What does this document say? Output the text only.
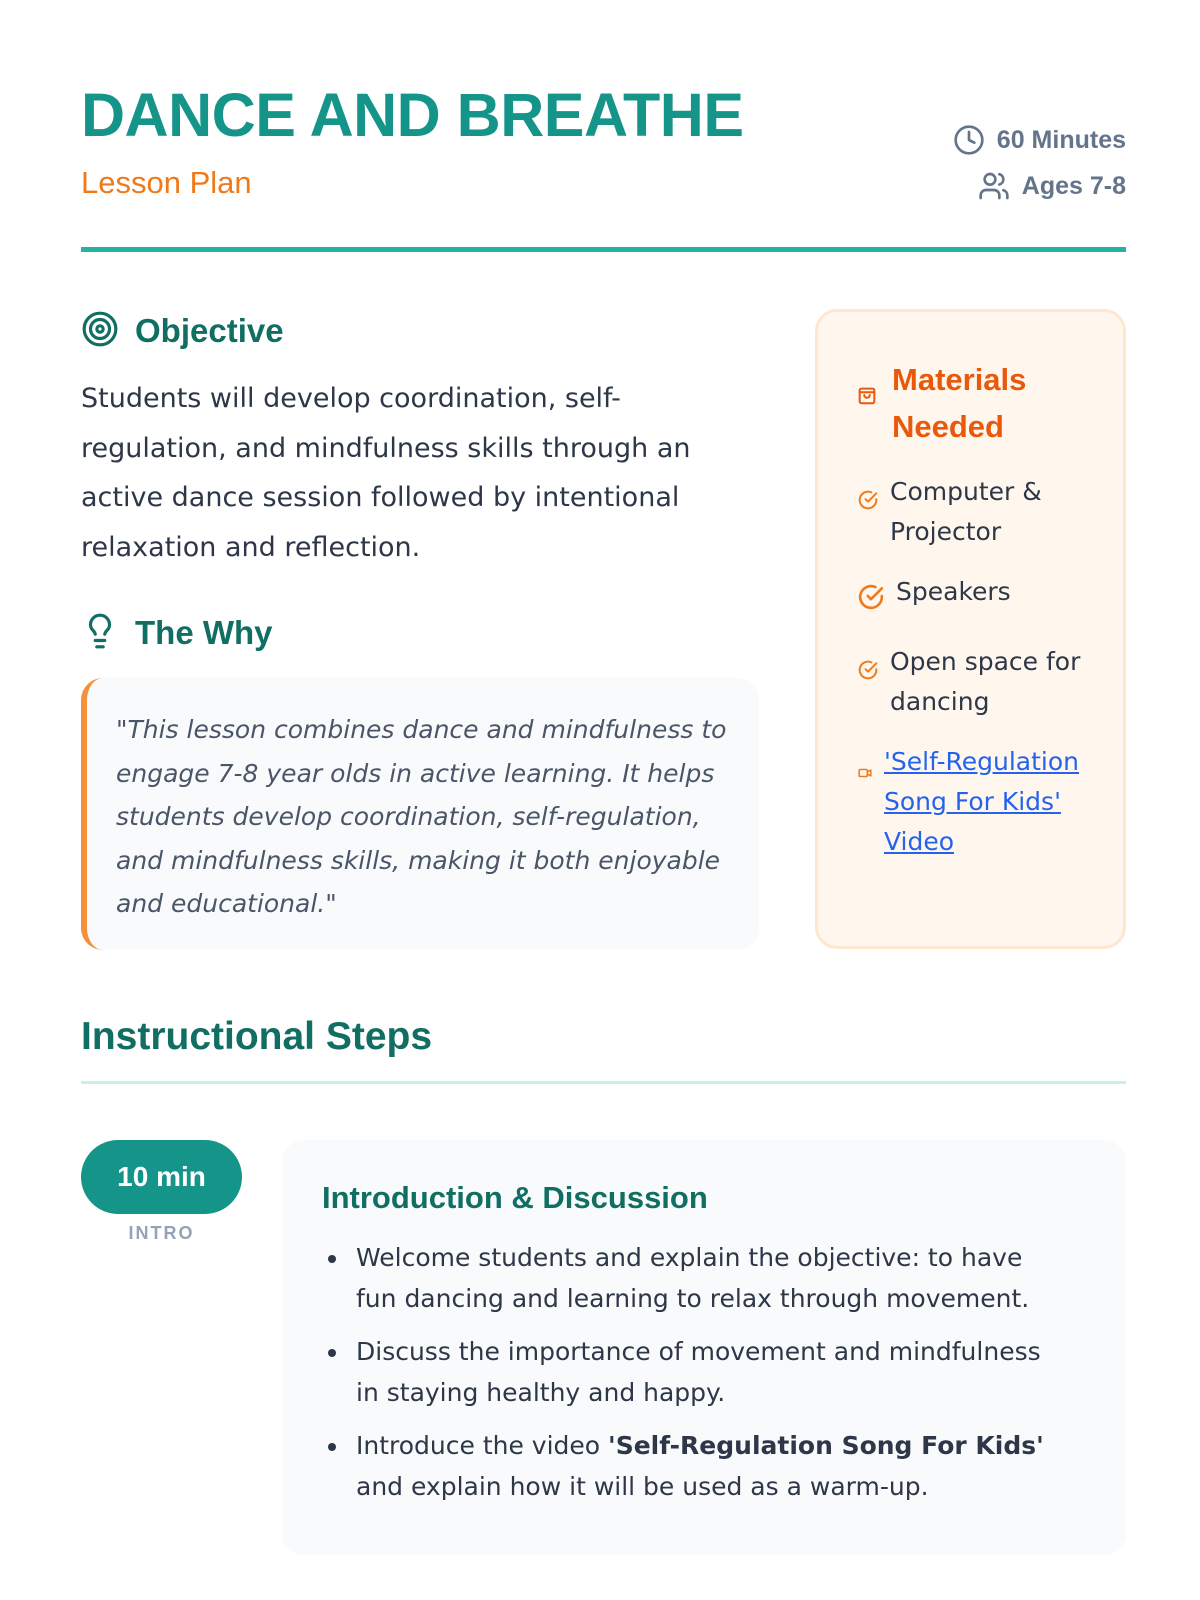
DANCE AND BREATHE
Lesson Plan
60 Minutes
Ages 7-8
Objective

Students will develop coordination, self-regulation, and mindfulness skills through an active dance session followed by intentional relaxation and reflection.

The Why

"This lesson combines dance and mindfulness to engage 7-8 year olds in active learning. It helps students develop coordination, self-regulation, and mindfulness skills, making it both enjoyable and educational."

Materials Needed
Computer & Projector
Speakers
Open space for dancing
'Self-Regulation Song For Kids' Video
Instructional Steps
10 min
INTRO
Introduction & Discussion
Welcome students and explain the objective: to have fun dancing and learning to relax through movement.
Discuss the importance of movement and mindfulness in staying healthy and happy.
Introduce the video 'Self-Regulation Song For Kids' and explain how it will be used as a warm-up.
